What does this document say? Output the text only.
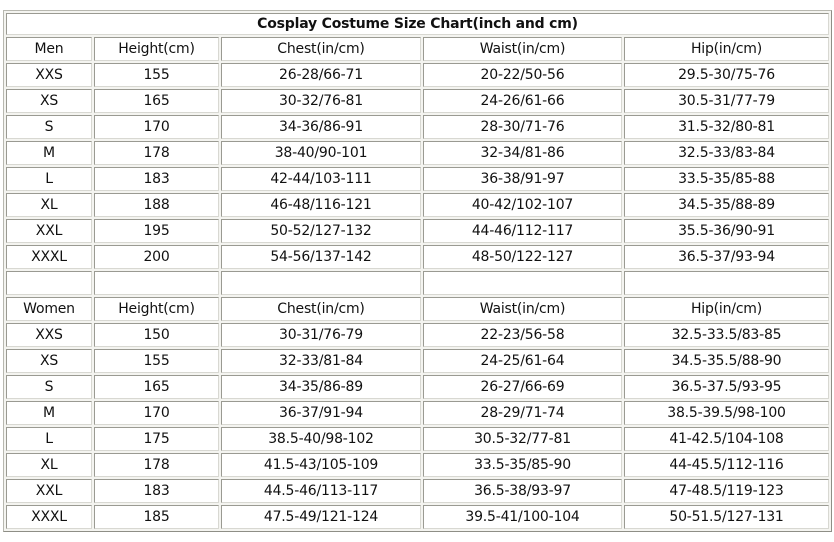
Cosplay Costume Size Chart(inch and cm)				
Men	Height(cm)	Chest(in/cm)	Waist(in/cm)	Hip(in/cm)
XXS	155	26-28/66-71	20-22/50-56	29.5-30/75-76
XS	165	30-32/76-81	24-26/61-66	30.5-31/77-79
S	170	34-36/86-91	28-30/71-76	31.5-32/80-81
M	178	38-40/90-101	32-34/81-86	32.5-33/83-84
L	183	42-44/103-111	36-38/91-97	33.5-35/85-88
XL	188	46-48/116-121	40-42/102-107	34.5-35/88-89
XXL	195	50-52/127-132	44-46/112-117	35.5-36/90-91
XXXL	200	54-56/137-142	48-50/122-127	36.5-37/93-94

Women	Height(cm)	Chest(in/cm)	Waist(in/cm)	Hip(in/cm)
XXS	150	30-31/76-79	22-23/56-58	32.5-33.5/83-85
XS	155	32-33/81-84	24-25/61-64	34.5-35.5/88-90
S	165	34-35/86-89	26-27/66-69	36.5-37.5/93-95
M	170	36-37/91-94	28-29/71-74	38.5-39.5/98-100
L	175	38.5-40/98-102	30.5-32/77-81	41-42.5/104-108
XL	178	41.5-43/105-109	33.5-35/85-90	44-45.5/112-116
XXL	183	44.5-46/113-117	36.5-38/93-97	47-48.5/119-123
XXXL	185	47.5-49/121-124	39.5-41/100-104	50-51.5/127-131
